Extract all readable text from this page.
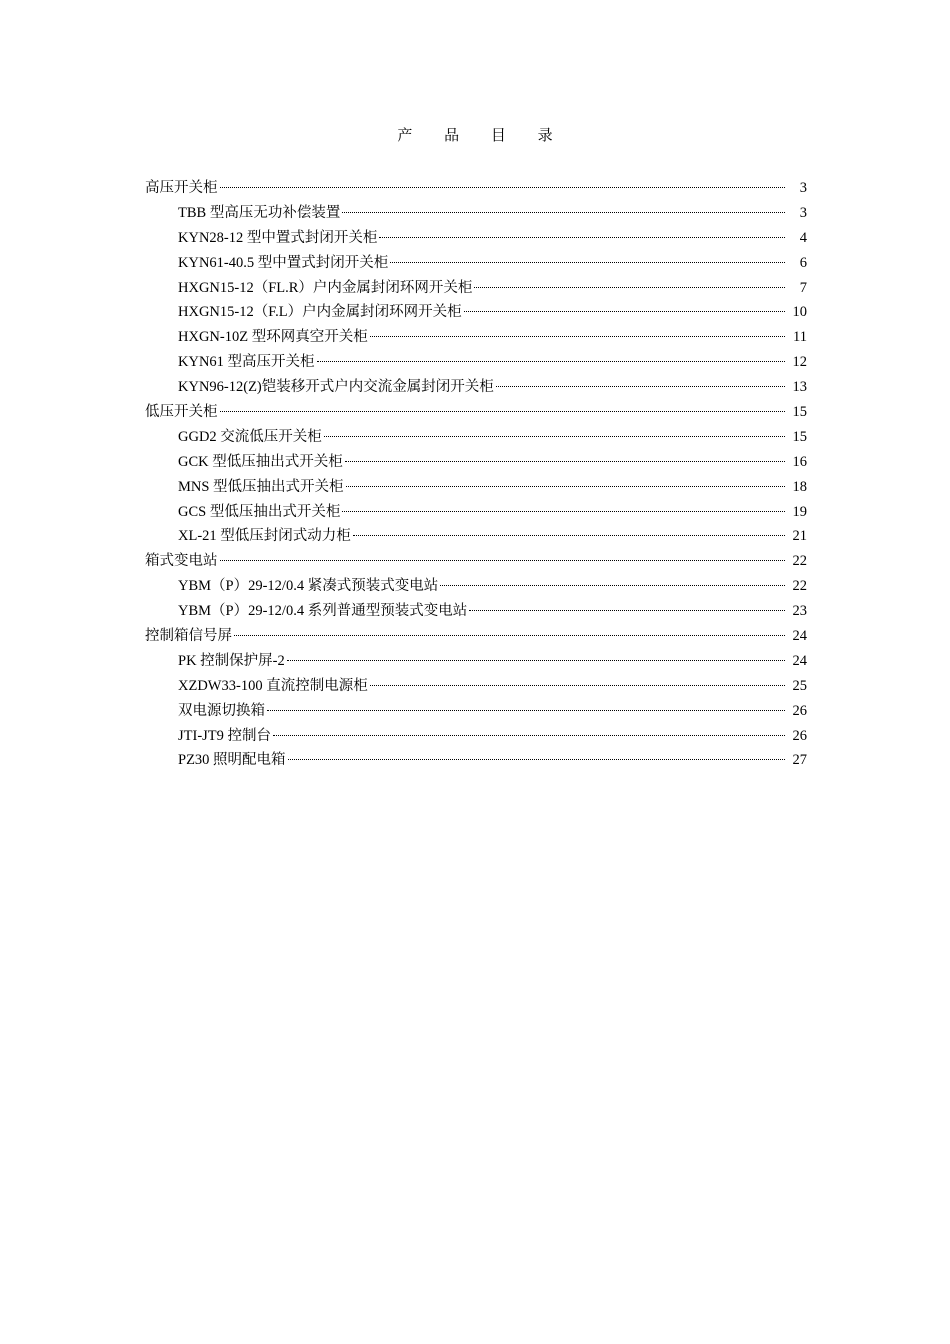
产 品 目 录
高压开关柜	3
TBB 型高压无功补偿装置	3
KYN28-12 型中置式封闭开关柜	4
KYN61-40.5 型中置式封闭开关柜	6
HXGN15-12（FL.R）户内金属封闭环网开关柜	7
HXGN15-12（F.L）户内金属封闭环网开关柜	10
HXGN-10Z 型环网真空开关柜	11
KYN61 型高压开关柜	12
KYN96-12(Z)铠装移开式户内交流金属封闭开关柜	13
低压开关柜	15
GGD2 交流低压开关柜	15
GCK 型低压抽出式开关柜	16
MNS 型低压抽出式开关柜	18
GCS 型低压抽出式开关柜	19
XL-21 型低压封闭式动力柜	21
箱式变电站	22
YBM（P）29-12/0.4 紧凑式预装式变电站	22
YBM（P）29-12/0.4 系列普通型预装式变电站	23
控制箱信号屏	24
PK 控制保护屏-2	24
XZDW33-100 直流控制电源柜	25
双电源切换箱	26
JTI-JT9 控制台	26
PZ30 照明配电箱	27
